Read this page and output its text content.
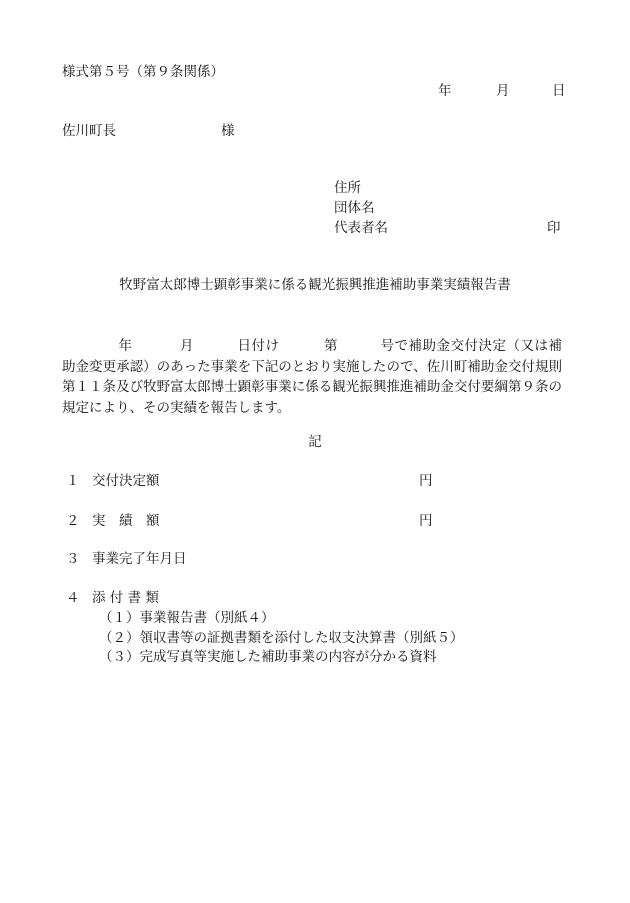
様式第５号（第９条関係）
年	月	日
佐川町長	様
住所
団体名
代表者名	印
牧野富太郎博士顕彰事業に係る観光振興推進補助事業実績報告書
年	月	日付け	第	号で補助金交付決定（又は補助金変更承認）のあった事業を下記のとおり実施したので、佐川町補助金交付規則第１１条及び牧野富太郎博士顕彰事業に係る観光振興推進補助金交付要綱第９条の規定により、その実績を報告します。
記
１ 交付決定額	円
２ 実　績　額	円
３ 事業完了年月日
４ 添 付 書 類
（１）事業報告書（別紙４）
（２）領収書等の証拠書類を添付した収支決算書（別紙５）
（３）完成写真等実施した補助事業の内容が分かる資料
